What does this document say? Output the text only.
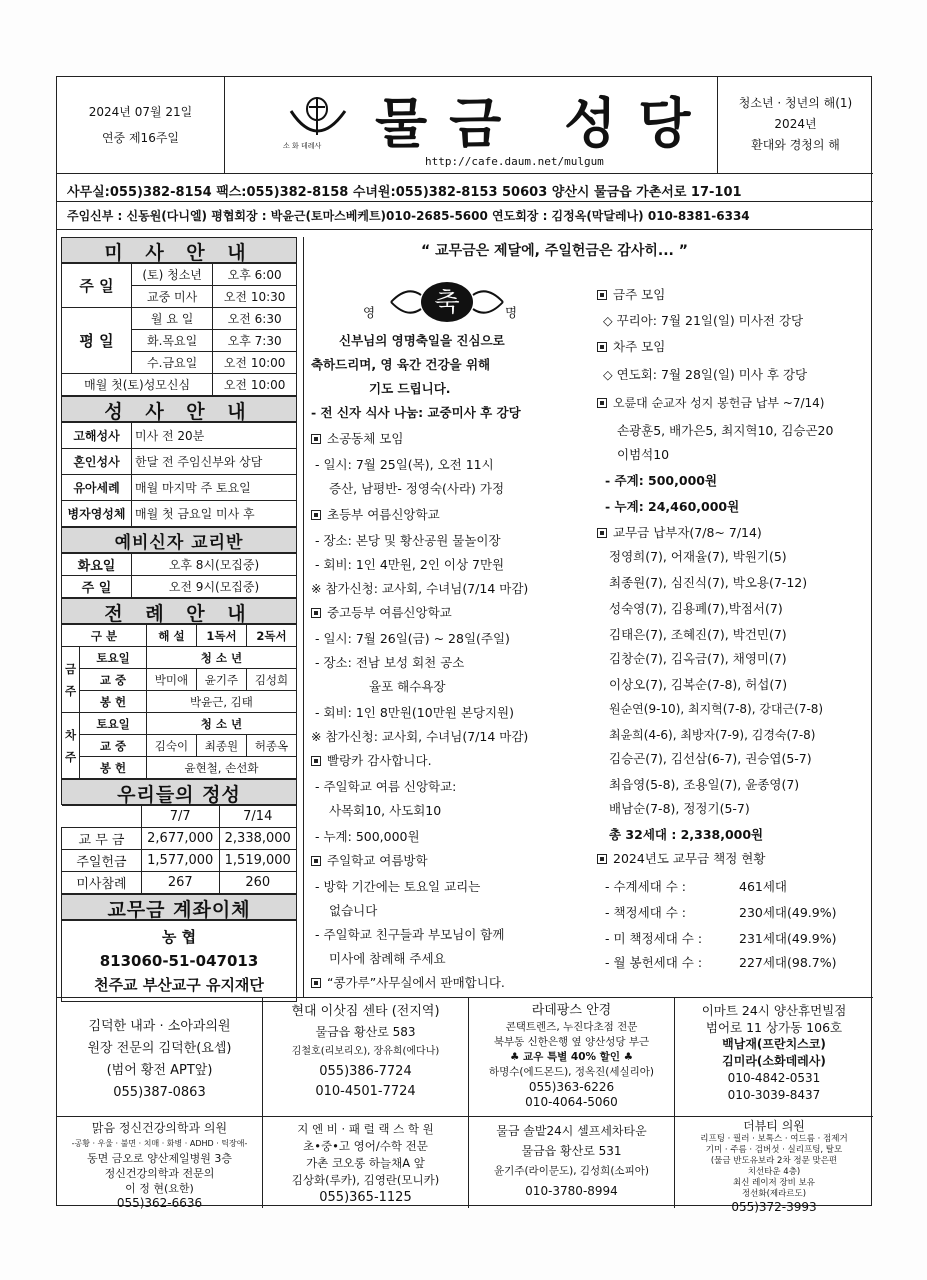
2024년 07월 21일
연중 제16주일
소 화 데레사 물금 성당
http://cafe.daum.net/mulgum
청소년 · 청년의 해(1)
2024년
환대와 경청의 해
사무실:055)382-8154 팩스:055)382-8158 수녀원:055)382-8153 50603 양산시 물금읍 가촌서로 17-101
주임신부 : 신동원(다니엘) 평협회장 : 박윤근(토마스베케트)010-2685-5600 연도회장 : 김정옥(막달레나) 010-8381-6334
미 사 안 내
주 일	(토) 청소년	오후 6:00
	교중 미사	오전 10:30
평 일	월 요 일	오전 6:30
	화.목요일	오후 7:30
	수.금요일	오전 10:00
매월 첫(토)성모신심		오전 10:00
성 사 안 내
고해성사	미사 전 20분
혼인성사	한달 전 주임신부와 상담
유아세례	매월 마지막 주 토요일
병자영성체	매월 첫 금요일 미사 후
예비신자 교리반
화요일	오후 8시(모집중)
주 일	오전 9시(모집중)
전 례 안 내
구 분		해 설	1독서	2독서
금주	토요일	청 소 년		
	교 중	박미애	윤기주	김성희
	봉 헌	박윤근, 김태		
차주	토요일	청 소 년		
	교 중	김숙이	최종원	허종옥
	봉 헌	윤현철, 손선화		
우리들의 정성
	7/7	7/14
교 무 금	2,677,000	2,338,000
주일헌금	1,577,000	1,519,000
미사참례	267	260
교무금 계좌이체
농 협
813060-51-047013
천주교 부산교구 유지재단
“ 교무금은 제달에, 주일헌금은 감사히... ”
영 축	명
신부님의 영명축일을 진심으로
축하드리며, 영 육간 건강을 위해
기도 드립니다.
- 전 신자 식사 나눔: 교중미사 후 강당
소공동체 모임
- 일시: 7월 25일(목), 오전 11시
증산, 남평반- 정영숙(사라) 가정
초등부 여름신앙학교
- 장소: 본당 및 황산공원 물놀이장
- 회비: 1인 4만원, 2인 이상 7만원
※ 참가신청: 교사회, 수녀님(7/14 마감)
중고등부 여름신앙학교
- 일시: 7월 26일(금) ~ 28일(주일)
- 장소: 전남 보성 회천 공소
율포 해수욕장
- 회비: 1인 8만원(10만원 본당지원)
※ 참가신청: 교사회, 수녀님(7/14 마감)
빨랑카 감사합니다.
- 주일학교 여름 신앙학교:
사목회10, 사도회10
- 누계: 500,000원
주일학교 여름방학
- 방학 기간에는 토요일 교리는
없습니다
- 주일학교 친구들과 부모님이 함께
미사에 참례해 주세요
“콩가루”사무실에서 판매합니다.
금주 모임
◇ 꾸리아: 7월 21일(일) 미사전 강당
차주 모임
◇ 연도회: 7월 28일(일) 미사 후 강당
오륜대 순교자 성지 봉헌금 납부 ~7/14)
손광훈5, 배가은5, 최지혁10, 김승곤20
이범석10
- 주계: 500,000원
- 누계: 24,460,000원
교무금 납부자(7/8~ 7/14)
정영희(7), 어재율(7), 박원기(5)
최종원(7), 심진식(7), 박오용(7-12)
성숙영(7), 김용폐(7),박점서(7)
김태은(7), 조혜진(7), 박건민(7)
김창순(7), 김옥금(7), 채영미(7)
이상오(7), 김복순(7-8), 허섭(7)
원순연(9-10), 최지혁(7-8), 강대근(7-8)
최윤희(4-6), 최방자(7-9), 김경숙(7-8)
김승곤(7), 김선삼(6-7), 권승엽(5-7)
최읍영(5-8), 조용일(7), 윤종영(7)
배남순(7-8), 정정기(5-7)
총 32세대 : 2,338,000원
2024년도 교무금 책정 현황
- 수계세대 수 :	461세대
- 책정세대 수 :	230세대(49.9%)
- 미 책정세대 수 :	231세대(49.9%)
- 월 봉헌세대 수 :	227세대(98.7%)
김덕한 내과 · 소아과의원
원장 전문의 김덕한(요셉)
(범어 황전 APT앞)
055)387-0863
현대 이삿짐 센타 (전지역)
물금읍 황산로 583
김철호(리보리오), 장유희(에다나)
055)386-7724
010-4501-7724
라데팡스 안경
콘택트렌즈, 누진다초점 전문
북부동 신한은행 옆 양산성당 부근
♣ 교우 특별 40% 할인 ♣
하명수(에드몬드), 정옥진(세실리아)
055)363-6226
010-4064-5060
이마트 24시 양산휴먼빌점
범어로 11 상가동 106호
백남재(프란치스코)
김미라(소화데레사)
010-4842-0531
010-3039-8437
맑음 정신건강의학과 의원
-공황 · 우울 · 불면 · 치매 · 화병 · ADHD · 틱장애-
동면 금오로 양산제일병원 3층
정신건강의학과 전문의
이 정 현(요한)
055)362-6636
지 엔 비 · 패 럴 랙 스 학 원
초•중•고 영어/수학 전문
가촌 코오롱 하늘채A 앞
김상화(루카), 김영란(모니카)
055)365-1125
물금 솔밭24시 셀프세차타운
물금읍 황산로 531
윤기주(라이문도), 김성희(소피아)
010-3780-8994
더뷰티 의원
리프팅 · 필러 · 보톡스 · 여드름 · 점제거
기미 · 주름 · 검버섯 · 실리프팅, 탈모
(물금 반도유보라 2차 정문 맞은편
치선타운 4층)
최신 레이저 장비 보유
정선화(제라르도)
055)372-3993
